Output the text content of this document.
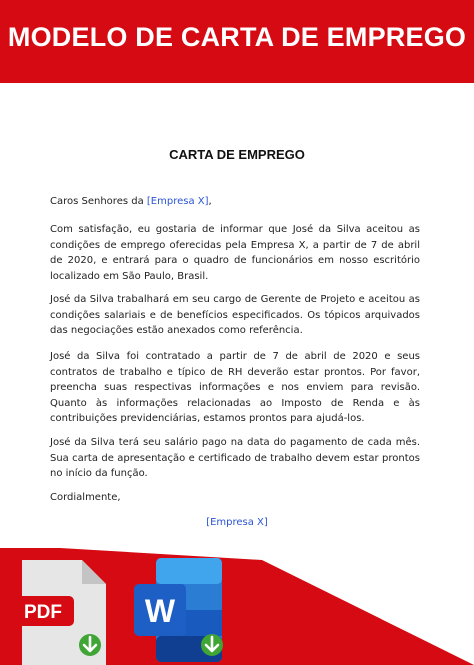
MODELO DE CARTA DE EMPREGO
CARTA DE EMPREGO

Caros Senhores da [Empresa X],

Com satisfação, eu gostaria de informar que José da Silva aceitou as condições de emprego oferecidas pela Empresa X, a partir de 7 de abril de 2020, e entrará para o quadro de funcionários em nosso escritório localizado em São Paulo, Brasil.

José da Silva trabalhará em seu cargo de Gerente de Projeto e aceitou as condições salariais e de benefícios especificados. Os tópicos arquivados das negociações estão anexados como referência.

José da Silva foi contratado a partir de 7 de abril de 2020 e seus contratos de trabalho e típico de RH deverão estar prontos. Por favor, preencha suas respectivas informações e nos enviem para revisão. Quanto às informações relacionadas ao Imposto de Renda e às contribuições previdenciárias, estamos prontos para ajudá-los.

José da Silva terá seu salário pago na data do pagamento de cada mês. Sua carta de apresentação e certificado de trabalho devem estar prontos no início da função.

Cordialmente,

[Empresa X]
PDF	W
